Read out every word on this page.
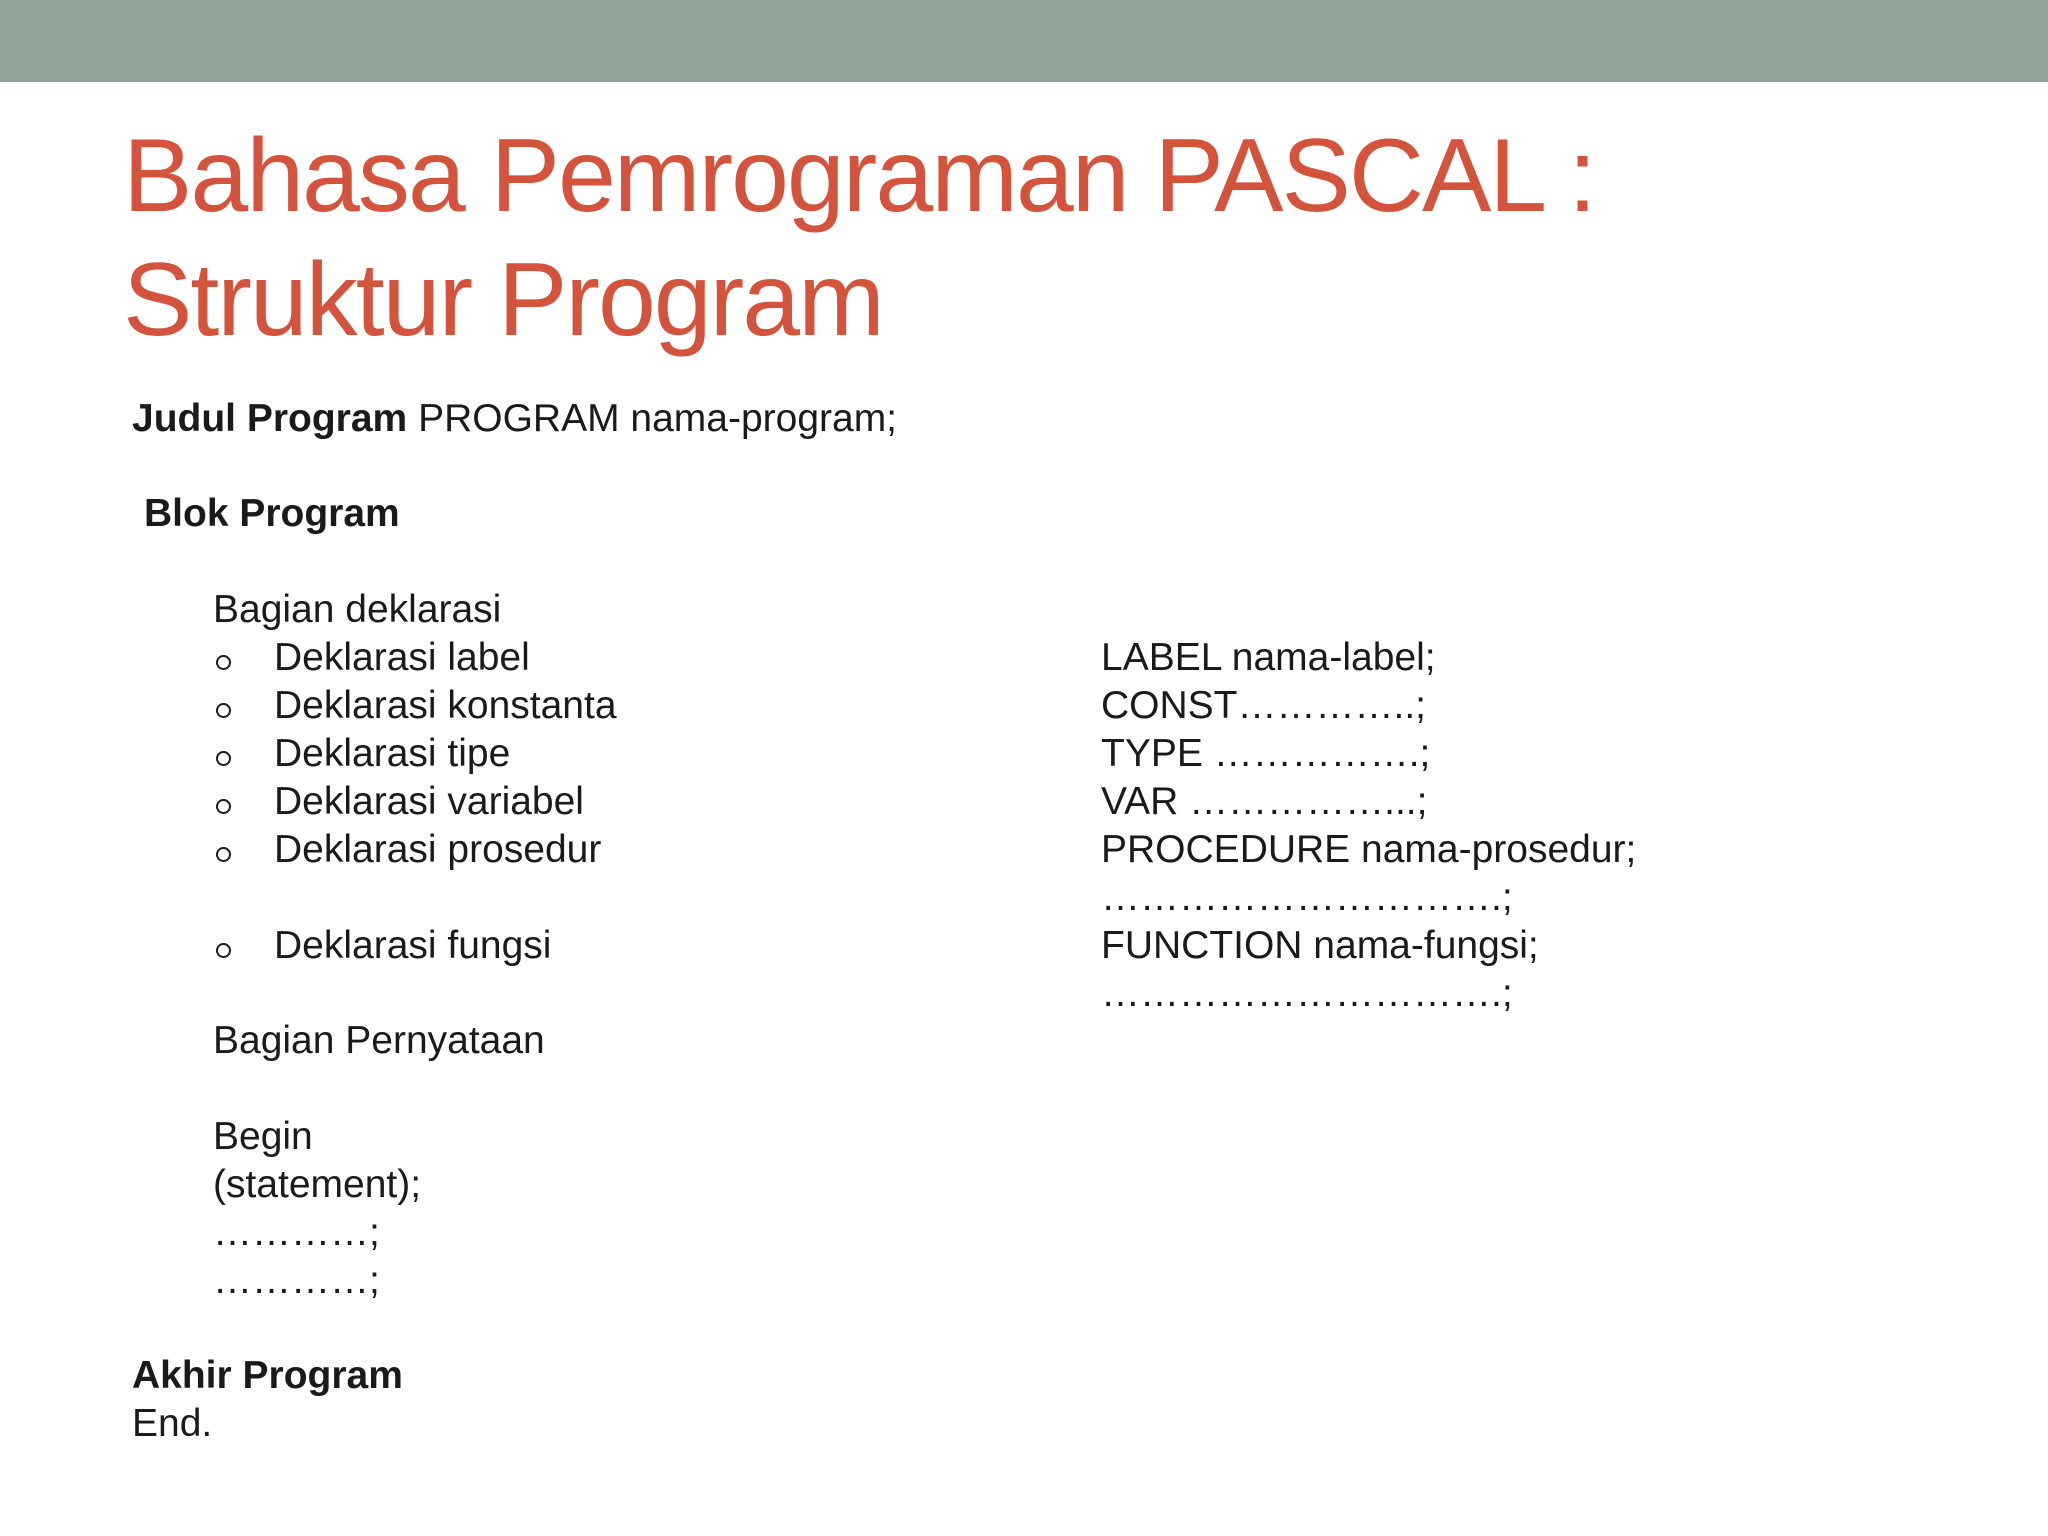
Bahasa Pemrograman PASCAL :
Struktur Program
Judul Program PROGRAM nama-program;
Blok Program
Bagian deklarasi
Deklarasi label
Deklarasi konstanta
Deklarasi tipe
Deklarasi variabel
Deklarasi prosedur
Deklarasi fungsi
LABEL nama-label;
CONST…………..;
TYPE …………….;
VAR ……………...;
PROCEDURE nama-prosedur;
………………………….;
FUNCTION nama-fungsi;
………………………….;
Bagian Pernyataan
Begin
(statement);
…………;
…………;
Akhir Program
End.
